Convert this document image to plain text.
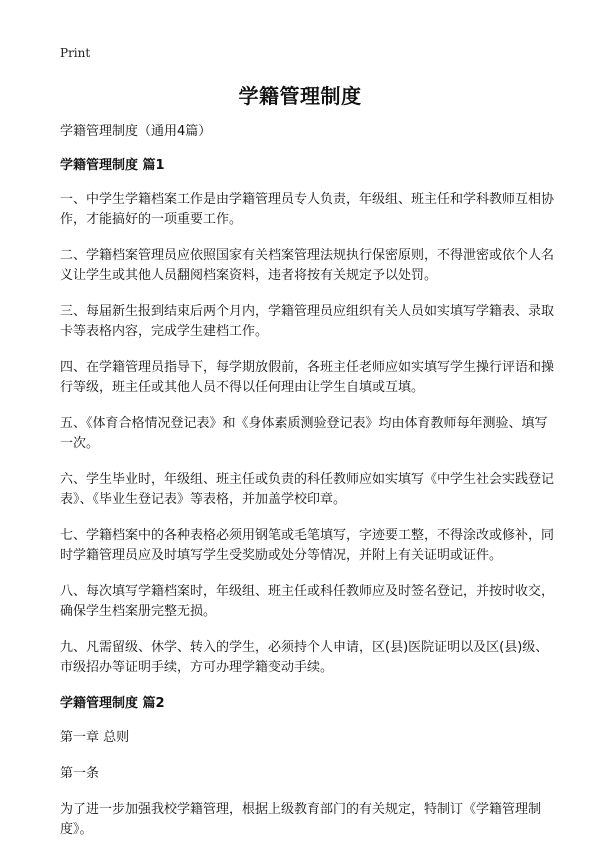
Print
学籍管理制度

学籍管理制度（通用4篇）

学籍管理制度 篇1

一、中学生学籍档案工作是由学籍管理员专人负责，年级组、班主任和学科教师互相协作，才能搞好的一项重要工作。

二、学籍档案管理员应依照国家有关档案管理法规执行保密原则，不得泄密或依个人名义让学生或其他人员翻阅档案资料，违者将按有关规定予以处罚。

三、每届新生报到结束后两个月内，学籍管理员应组织有关人员如实填写学籍表、录取卡等表格内容，完成学生建档工作。

四、在学籍管理员指导下，每学期放假前，各班主任老师应如实填写学生操行评语和操行等级，班主任或其他人员不得以任何理由让学生自填或互填。

五、《体育合格情况登记表》和《身体素质测验登记表》均由体育教师每年测验、填写一次。

六、学生毕业时，年级组、班主任或负责的科任教师应如实填写《中学生社会实践登记表》、《毕业生登记表》等表格，并加盖学校印章。

七、学籍档案中的各种表格必须用钢笔或毛笔填写，字迹要工整，不得涂改或修补，同时学籍管理员应及时填写学生受奖励或处分等情况，并附上有关证明或证件。

八、每次填写学籍档案时，年级组、班主任或科任教师应及时签名登记，并按时收交，确保学生档案册完整无损。

九、凡需留级、休学、转入的学生，必须持个人申请，区(县)医院证明以及区(县)级、市级招办等证明手续，方可办理学籍变动手续。

学籍管理制度 篇2

第一章 总则

第一条

为了进一步加强我校学籍管理，根据上级教育部门的有关规定，特制订《学籍管理制度》。
